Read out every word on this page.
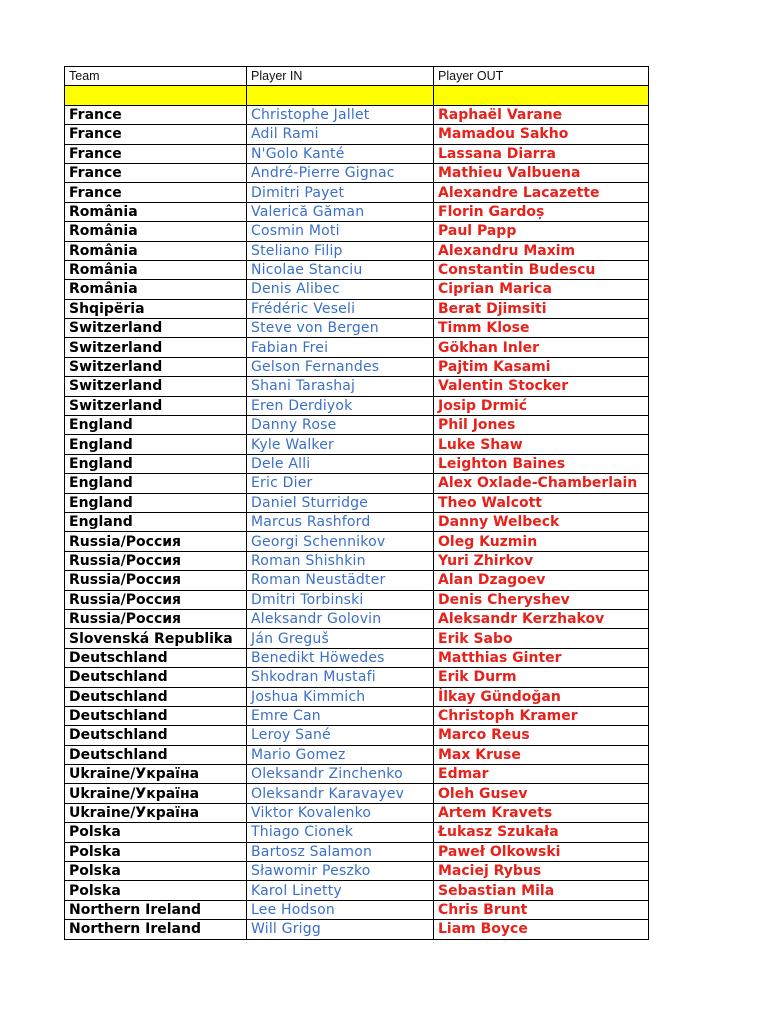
Team	Player IN	Player OUT

France	Christophe Jallet	Raphaël Varane
France	Adil Rami	Mamadou Sakho
France	N'Golo Kanté	Lassana Diarra
France	André-Pierre Gignac	Mathieu Valbuena
France	Dimitri Payet	Alexandre Lacazette
România	Valerică Găman	Florin Gardoș
România	Cosmin Moti	Paul Papp
România	Steliano Filip	Alexandru Maxim
România	Nicolae Stanciu	Constantin Budescu
România	Denis Alibec	Ciprian Marica
Shqipëria	Frédéric Veseli	Berat Djimsiti
Switzerland	Steve von Bergen	Timm Klose
Switzerland	Fabian Frei	Gökhan Inler
Switzerland	Gelson Fernandes	Pajtim Kasami
Switzerland	Shani Tarashaj	Valentin Stocker
Switzerland	Eren Derdiyok	Josip Drmić
England	Danny Rose	Phil Jones
England	Kyle Walker	Luke Shaw
England	Dele Alli	Leighton Baines
England	Eric Dier	Alex Oxlade-Chamberlain
England	Daniel Sturridge	Theo Walcott
England	Marcus Rashford	Danny Welbeck
Russia/Россия	Georgi Schennikov	Oleg Kuzmin
Russia/Россия	Roman Shishkin	Yuri Zhirkov
Russia/Россия	Roman Neustädter	Alan Dzagoev
Russia/Россия	Dmitri Torbinski	Denis Cheryshev
Russia/Россия	Aleksandr Golovin	Aleksandr Kerzhakov
Slovenská Republika	Ján Greguš	Erik Sabo
Deutschland	Benedikt Höwedes	Matthias Ginter
Deutschland	Shkodran Mustafi	Erik Durm
Deutschland	Joshua Kimmich	İlkay Gündoğan
Deutschland	Emre Can	Christoph Kramer
Deutschland	Leroy Sané	Marco Reus
Deutschland	Mario Gomez	Max Kruse
Ukraine/Україна	Oleksandr Zinchenko	Edmar
Ukraine/Україна	Oleksandr Karavayev	Oleh Gusev
Ukraine/Україна	Viktor Kovalenko	Artem Kravets
Polska	Thiago Cionek	Łukasz Szukała
Polska	Bartosz Salamon	Paweł Olkowski
Polska	Sławomir Peszko	Maciej Rybus
Polska	Karol Linetty	Sebastian Mila
Northern Ireland	Lee Hodson	Chris Brunt
Northern Ireland	Will Grigg	Liam Boyce
